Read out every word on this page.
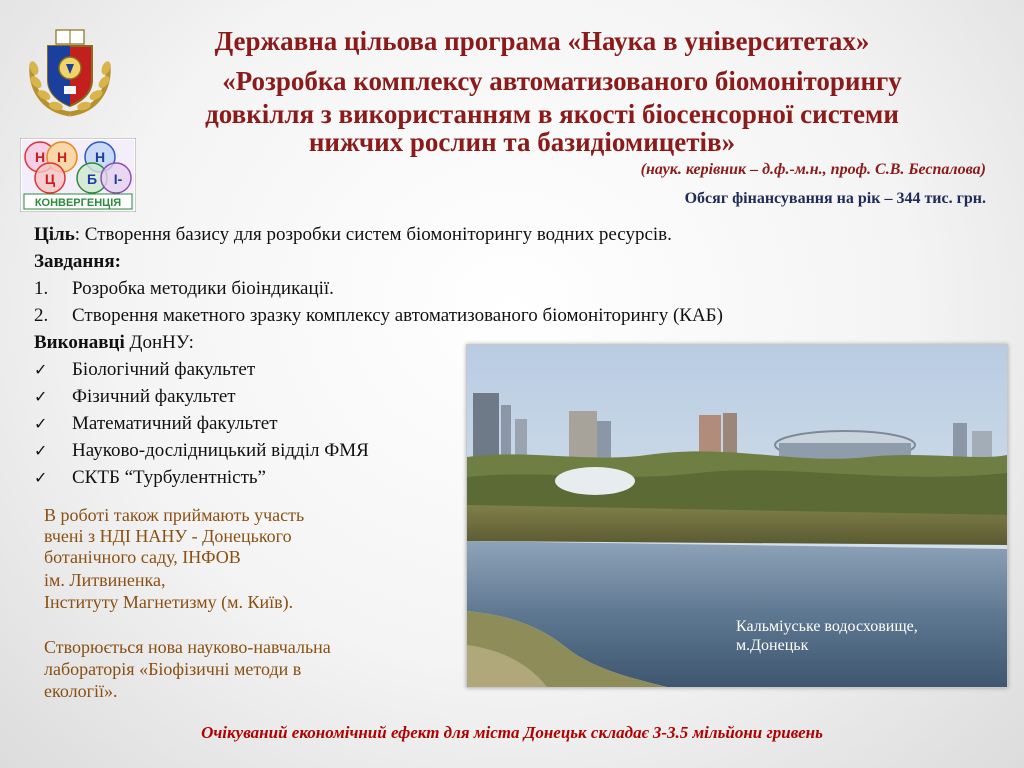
Державна цільова програма «Наука в університетах»
«Розробка комплексу автоматизованого біомоніторингу
довкілля з використанням в якості біосенсорної системи
нижчих рослин та базидіомицетів»
Н Н Н
Ц Б І-
КОНВЕРГЕНЦІЯ
(наук. керівник – д.ф.-м.н., проф. С.В. Беспалова)
Обсяг фінансування на рік – 344 тис. грн.
Ціль: Створення базису для розробки систем біомоніторингу водних ресурсів.
Завдання:
1. Розробка методики біоіндикації.
2. Створення макетного зразку комплексу автоматизованого біомоніторингу (КАБ)
Виконавці ДонНУ:
✓ Біологічний факультет
✓ Фізичний факультет
✓ Математичний факультет
✓ Науково-дослідницький відділ ФМЯ
✓ СКТБ “Турбулентність”
В роботі також приймають участь
вчені з НДІ НАНУ - Донецького
ботанічного саду, ІНФОВ
ім. Литвиненка,
Інституту Магнетизму (м. Київ).
Створюється нова науково-навчальна
лабораторія «Біофізичні методи в
екології».
Кальміуське водосховище,
м.Донецьк
Очікуваний економічний ефект для міста Донецьк складає 3-3.5 мільйони гривень
